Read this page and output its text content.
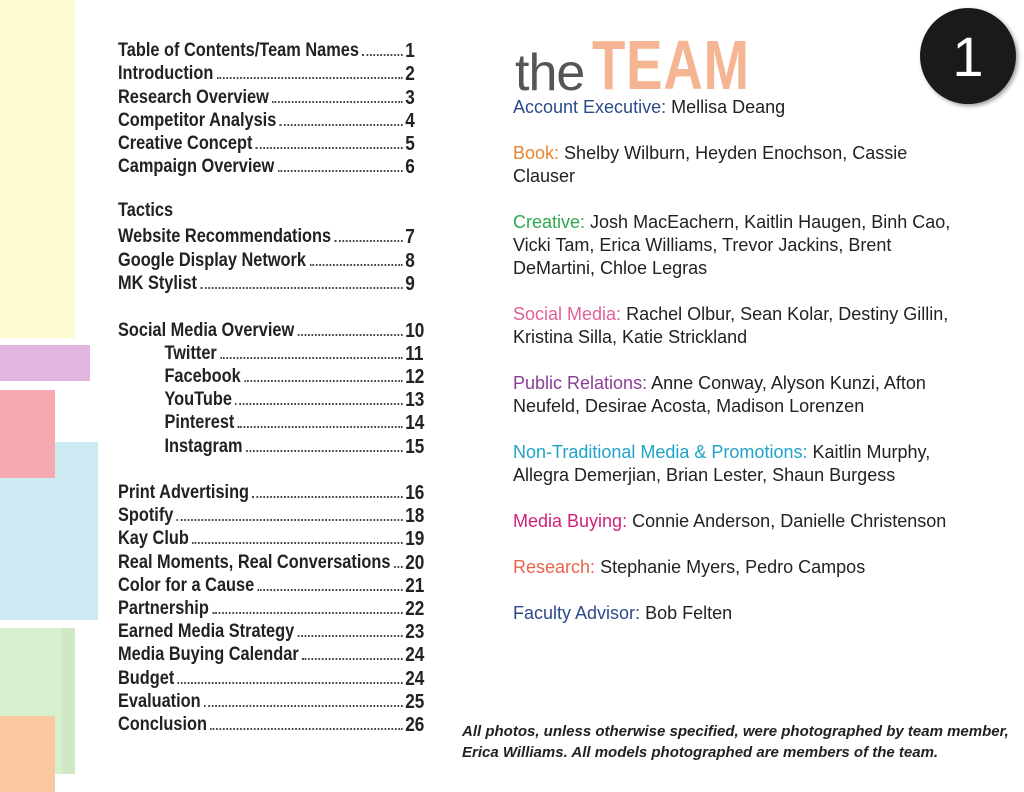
Table of Contents/Team Names 1
Introduction	2
Research Overview	3
Competitor Analysis	4
Creative Concept	5
Campaign Overview	6
Tactics
Website Recommendations	7
Google Display Network	8
MK Stylist	9
Social Media Overview	10
Twitter	11
Facebook	12
YouTube	13
Pinterest	14
Instagram	15
Print Advertising	16
Spotify	18
Kay Club	19
Real Moments, Real Conversations 20
Color for a Cause	21
Partnership	22
Earned Media Strategy	23
Media Buying Calendar	24
Budget	24
Evaluation	25
Conclusion	26
the TEAM	1
Account Executive: Mellisa Deang
Book: Shelby Wilburn, Heyden Enochson, Cassie Clauser
Creative: Josh MacEachern, Kaitlin Haugen, Binh Cao, Vicki Tam, Erica Williams, Trevor Jackins, Brent DeMartini, Chloe Legras
Social Media: Rachel Olbur, Sean Kolar, Destiny Gillin, Kristina Silla, Katie Strickland
Public Relations: Anne Conway, Alyson Kunzi, Afton Neufeld, Desirae Acosta, Madison Lorenzen
Non-Traditional Media & Promotions: Kaitlin Murphy, Allegra Demerjian, Brian Lester, Shaun Burgess
Media Buying: Connie Anderson, Danielle Christenson
Research: Stephanie Myers, Pedro Campos
Faculty Advisor: Bob Felten
All photos, unless otherwise specified, were photographed by team member, Erica Williams. All models photographed are members of the team.
